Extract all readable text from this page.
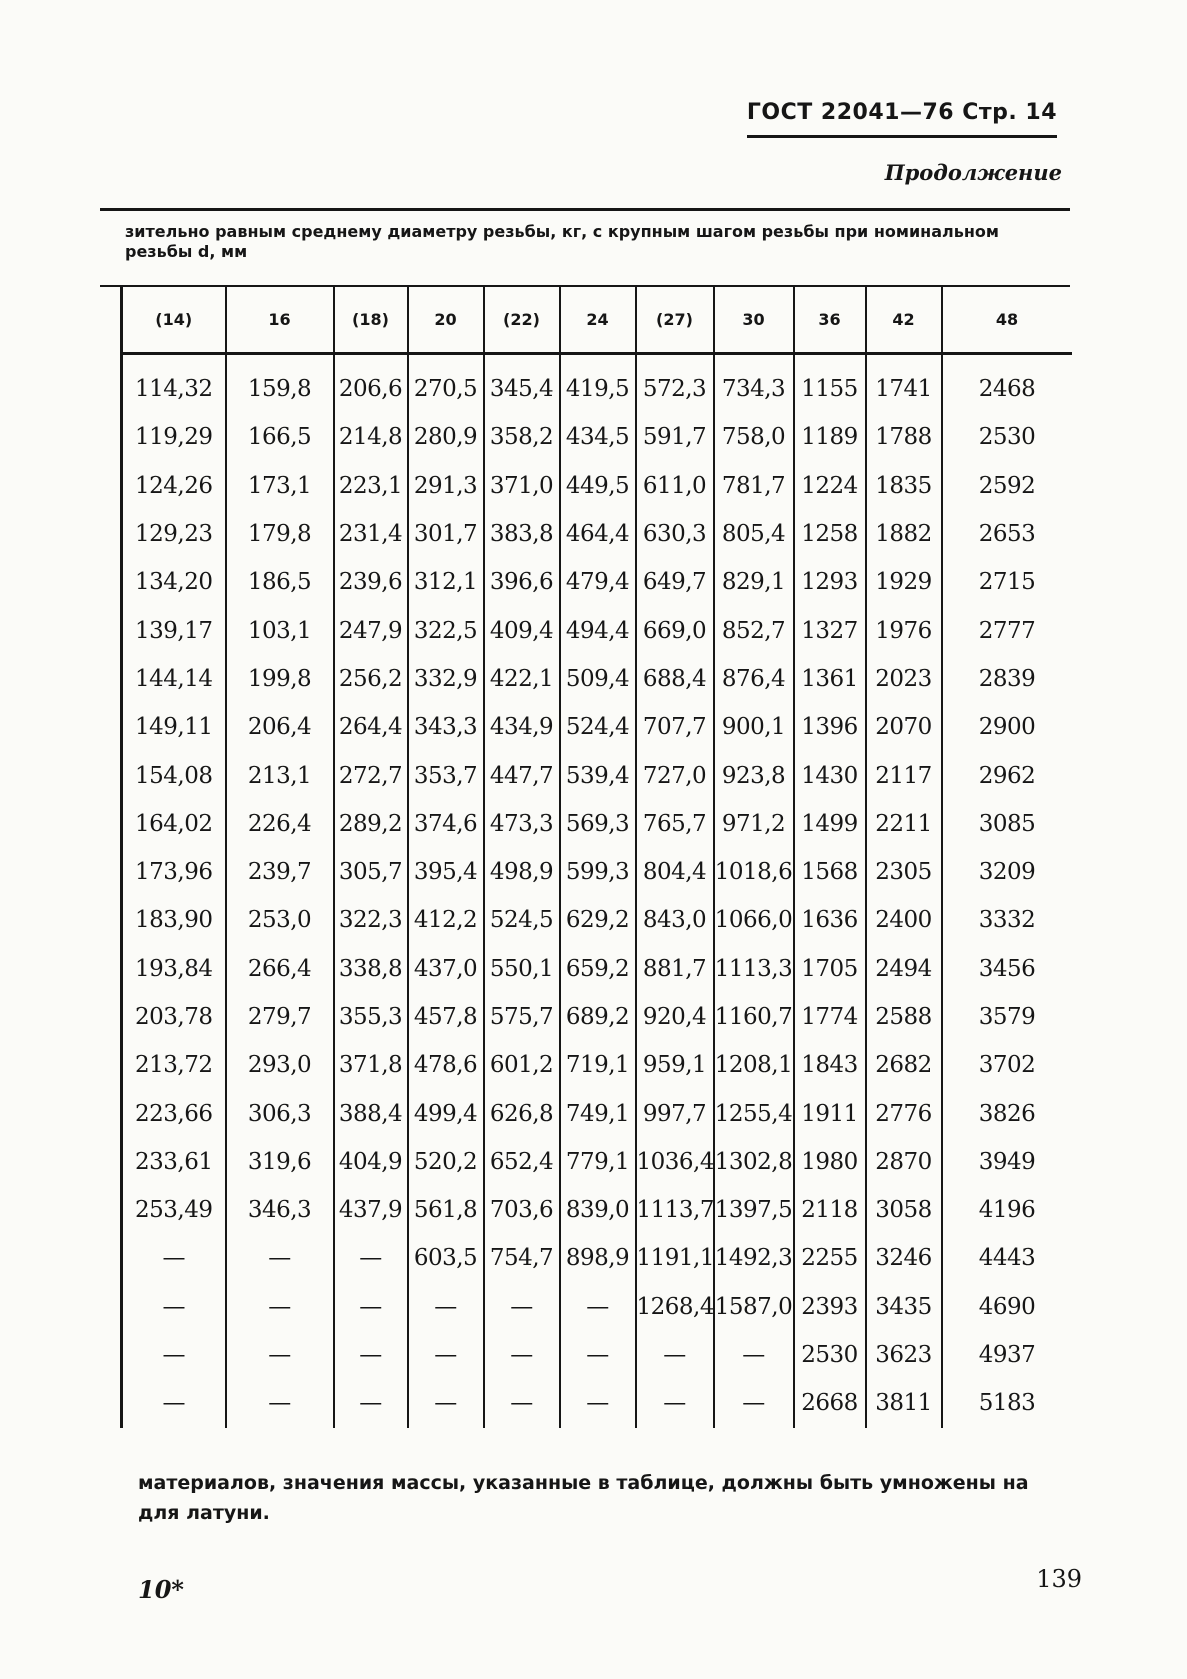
ГОСТ 22041—76 Стр. 14
Продолжение
зительно равным среднему диаметру резьбы, кг, с крупным шагом резьбы при номинальном
резьбы d, мм
(14)	16	(18)	20	(22)	24	(27)	30	36	42	48
114,32	159,8	206,6	270,5	345,4	419,5	572,3	734,3	1155	1741	2468
119,29	166,5	214,8	280,9	358,2	434,5	591,7	758,0	1189	1788	2530
124,26	173,1	223,1	291,3	371,0	449,5	611,0	781,7	1224	1835	2592
129,23	179,8	231,4	301,7	383,8	464,4	630,3	805,4	1258	1882	2653
134,20	186,5	239,6	312,1	396,6	479,4	649,7	829,1	1293	1929	2715
139,17	103,1	247,9	322,5	409,4	494,4	669,0	852,7	1327	1976	2777
144,14	199,8	256,2	332,9	422,1	509,4	688,4	876,4	1361	2023	2839
149,11	206,4	264,4	343,3	434,9	524,4	707,7	900,1	1396	2070	2900
154,08	213,1	272,7	353,7	447,7	539,4	727,0	923,8	1430	2117	2962
164,02	226,4	289,2	374,6	473,3	569,3	765,7	971,2	1499	2211	3085
173,96	239,7	305,7	395,4	498,9	599,3	804,4	1018,6	1568	2305	3209
183,90	253,0	322,3	412,2	524,5	629,2	843,0	1066,0	1636	2400	3332
193,84	266,4	338,8	437,0	550,1	659,2	881,7	1113,3	1705	2494	3456
203,78	279,7	355,3	457,8	575,7	689,2	920,4	1160,7	1774	2588	3579
213,72	293,0	371,8	478,6	601,2	719,1	959,1	1208,1	1843	2682	3702
223,66	306,3	388,4	499,4	626,8	749,1	997,7	1255,4	1911	2776	3826
233,61	319,6	404,9	520,2	652,4	779,1	1036,4	1302,8	1980	2870	3949
253,49	346,3	437,9	561,8	703,6	839,0	1113,7	1397,5	2118	3058	4196
—	—	—	603,5	754,7	898,9	1191,1	1492,3	2255	3246	4443
—	—	—	—	—	—	1268,4	1587,0	2393	3435	4690
—	—	—	—	—	—	—	—	2530	3623	4937
—	—	—	—	—	—	—	—	2668	3811	5183
материалов, значения массы, указанные в таблице, должны быть умножены на
для латуни.
10*	139
